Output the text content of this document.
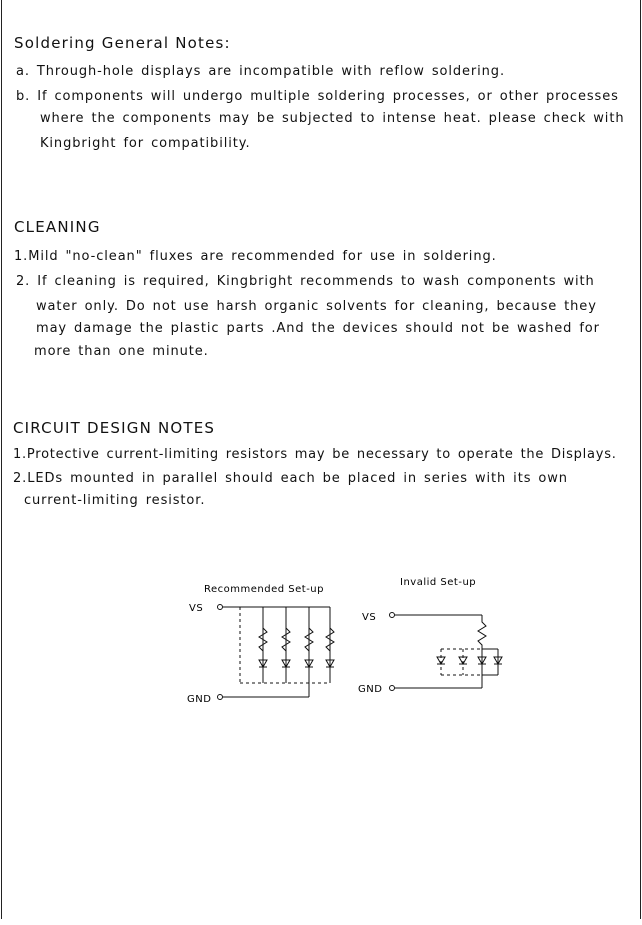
Soldering General Notes:
a. Through-hole displays are incompatible with reflow soldering.
b. If components will undergo multiple soldering processes, or other processes
where the components may be subjected to intense heat. please check with
Kingbright for compatibility.
CLEANING
1.Mild "no-clean" fluxes are recommended for use in soldering.
2. If cleaning is required, Kingbright recommends to wash components with
water only. Do not use harsh organic solvents for cleaning, because they
may damage the plastic parts .And the devices should not be washed for
more than one minute.
CIRCUIT DESIGN NOTES
1.Protective current-limiting resistors may be necessary to operate the Displays.
2.LEDs mounted in parallel should each be placed in series with its own
current-limiting resistor.
Recommended Set-up
VS
GND
Invalid Set-up
VS
GND
